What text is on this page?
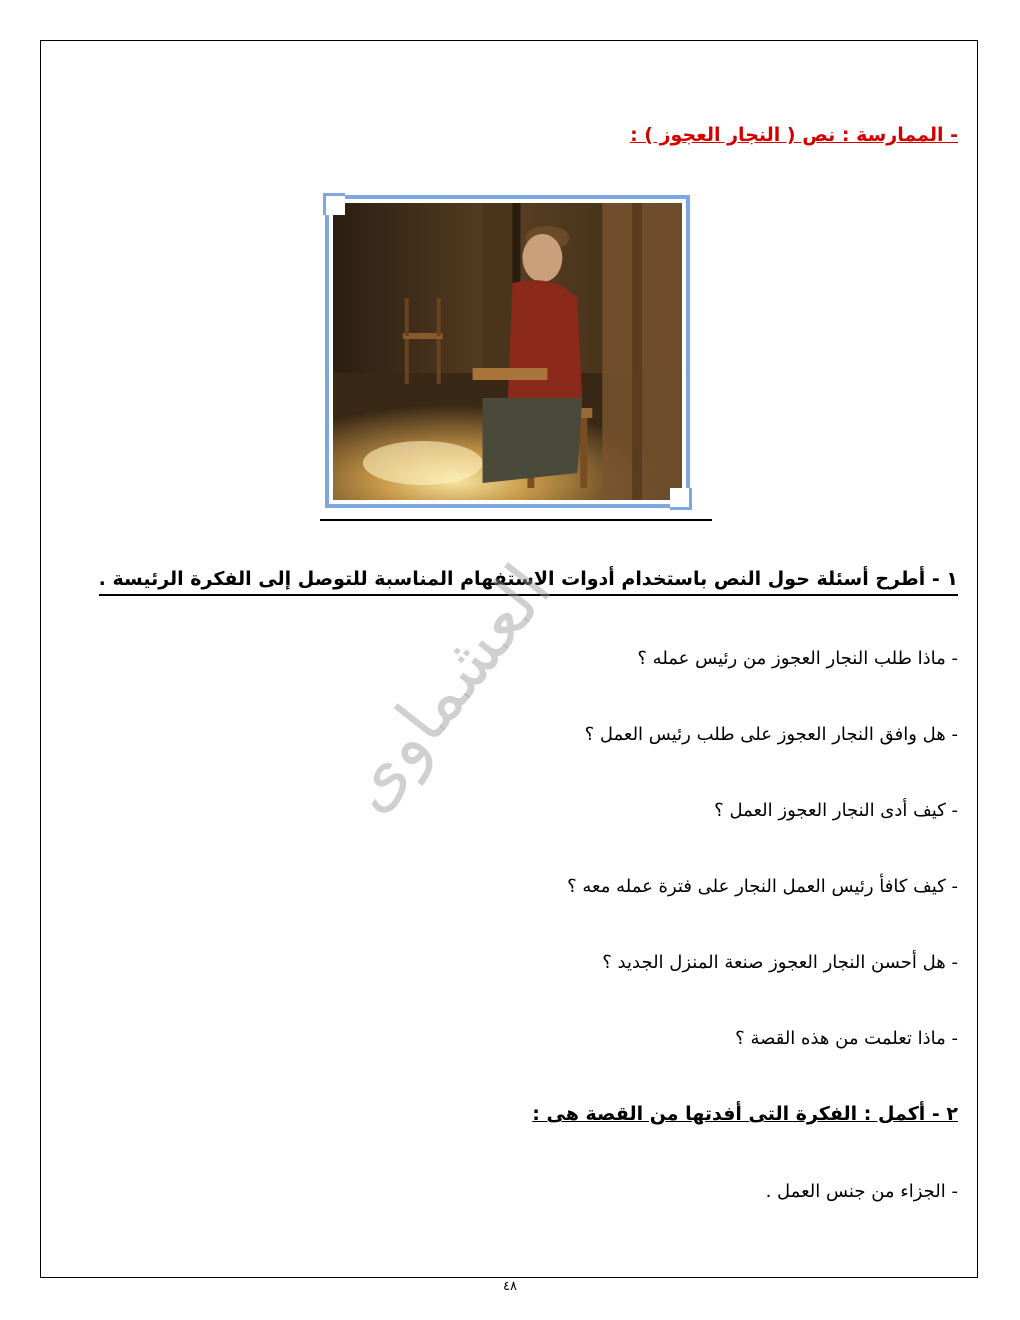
- الممارسة : نص ( النجار العجوز ) :
١ - أطرح أسئلة حول النص باستخدام أدوات الاستفهام المناسبة للتوصل إلى الفكرة الرئيسة .
- ماذا طلب النجار العجوز من رئيس عمله ؟
- هل وافق النجار العجوز على طلب رئيس العمل ؟
- كيف أدى النجار العجوز العمل ؟
- كيف كافأ رئيس العمل النجار على فترة عمله معه ؟
- هل أحسن النجار العجوز صنعة المنزل الجديد ؟
- ماذا تعلمت من هذه القصة ؟
٢ - أكمل : الفكرة التى أفدتها من القصة هى :
- الجزاء من جنس العمل .
العشماوى
٤٨
